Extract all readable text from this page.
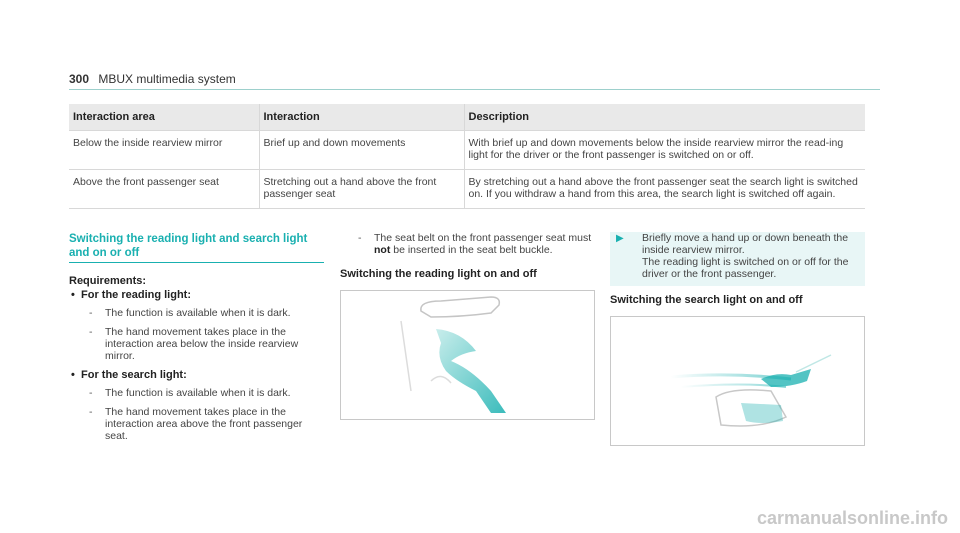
300 MBUX multimedia system
Interaction area	Interaction	Description
Below the inside rearview mirror	Brief up and down movements	With brief up and down movements below the inside rearview mirror the read-ing light for the driver or the front passenger is switched on or off.
Above the front passenger seat	Stretching out a hand above the front passenger seat	By stretching out a hand above the front passenger seat the search light is switched on. If you withdraw a hand from this area, the search light is switched off again.
Switching the reading light and search light and on or off
Requirements:
• For the reading light:
- The function is available when it is dark.
- The hand movement takes place in the interaction area below the inside rearview mirror.
• For the search light:
- The function is available when it is dark.
- The hand movement takes place in the interaction area above the front passenger seat.
- The seat belt on the front passenger seat must not be inserted in the seat belt buckle.
Switching the reading light on and off
▶ Briefly move a hand up or down beneath the inside rearview mirror.
The reading light is switched on or off for the driver or the front passenger.
Switching the search light on and off
carmanualsonline.info
